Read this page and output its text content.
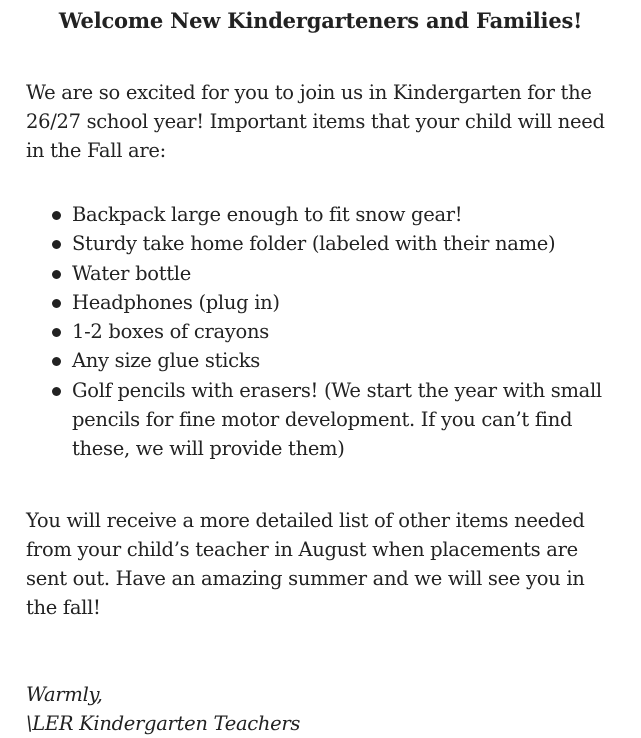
Welcome New Kindergarteners and Families!

We are so excited for you to join us in Kindergarten for the 26/27 school year! Important items that your child will need in the Fall are:

Backpack large enough to fit snow gear!
Sturdy take home folder (labeled with their name)
Water bottle
Headphones (plug in)
1-2 boxes of crayons
Any size glue sticks
Golf pencils with erasers! (We start the year with small pencils for fine motor development. If you can’t find these, we will provide them)

You will receive a more detailed list of other items needed from your child’s teacher in August when placements are sent out. Have an amazing summer and we will see you in the fall!

Warmly,
\LER Kindergarten Teachers
